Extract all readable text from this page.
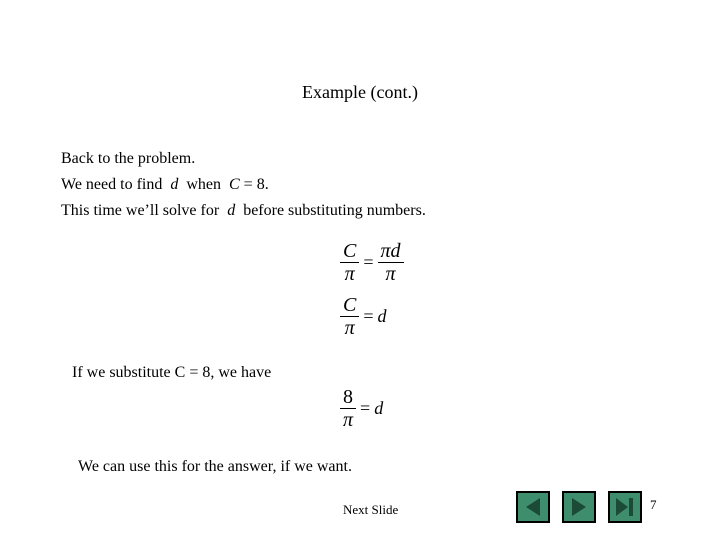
Example (cont.)
Back to the problem.
We need to find d when C = 8.
This time we’ll solve for d before substituting numbers.
$\frac{C}{\pi} = \frac{\pi d}{\pi}$
$\frac{C}{\pi} = d$
If we substitute C = 8, we have
$\frac{8}{\pi} = d$
We can use this for the answer, if we want.
Next Slide	7
